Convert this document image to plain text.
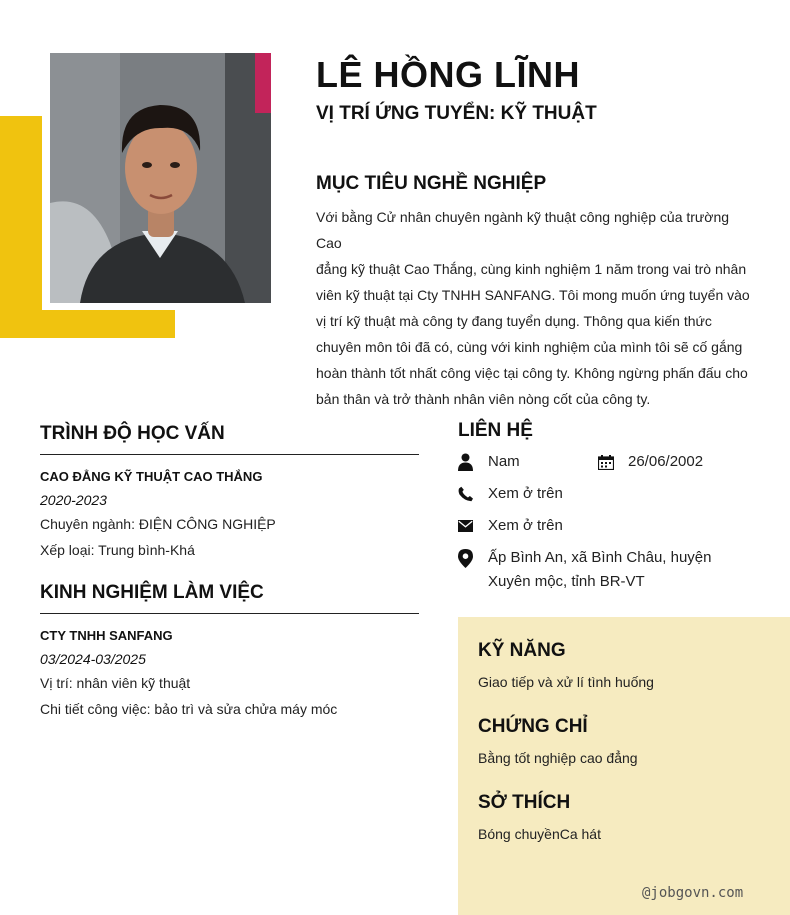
LÊ HỒNG LĨNH
VỊ TRÍ ỨNG TUYỂN: KỸ THUẬT
MỤC TIÊU NGHỀ NGHIỆP

Với bằng Cử nhân chuyên ngành kỹ thuật công nghiệp của trường Cao
đẳng kỹ thuật Cao Thắng, cùng kinh nghiệm 1 năm trong vai trò nhân
viên kỹ thuật tại Cty TNHH SANFANG. Tôi mong muốn ứng tuyển vào
vị trí kỹ thuật mà công ty đang tuyển dụng. Thông qua kiến thức
chuyên môn tôi đã có, cùng với kinh nghiệm của mình tôi sẽ cố gắng
hoàn thành tốt nhất công việc tại công ty. Không ngừng phấn đấu cho
bản thân và trở thành nhân viên nòng cốt của công ty.

TRÌNH ĐỘ HỌC VẤN
CAO ĐẲNG KỸ THUẬT CAO THẮNG
2020-2023
Chuyên ngành: ĐIỆN CÔNG NGHIỆP
Xếp loại: Trung bình-Khá
KINH NGHIỆM LÀM VIỆC
CTY TNHH SANFANG
03/2024-03/2025
Vị trí: nhân viên kỹ thuật
Chi tiết công việc: bảo trì và sửa chửa máy móc
LIÊN HỆ
Nam	26/06/2002
Xem ở trên
Xem ở trên
Ấp Bình An, xã Bình Châu, huyện
Xuyên mộc, tỉnh BR-VT
KỸ NĂNG

Giao tiếp và xử lí tình huống

CHỨNG CHỈ

Bằng tốt nghiệp cao đẳng

SỞ THÍCH

Bóng chuyềnCa hát

@jobgovn.com
